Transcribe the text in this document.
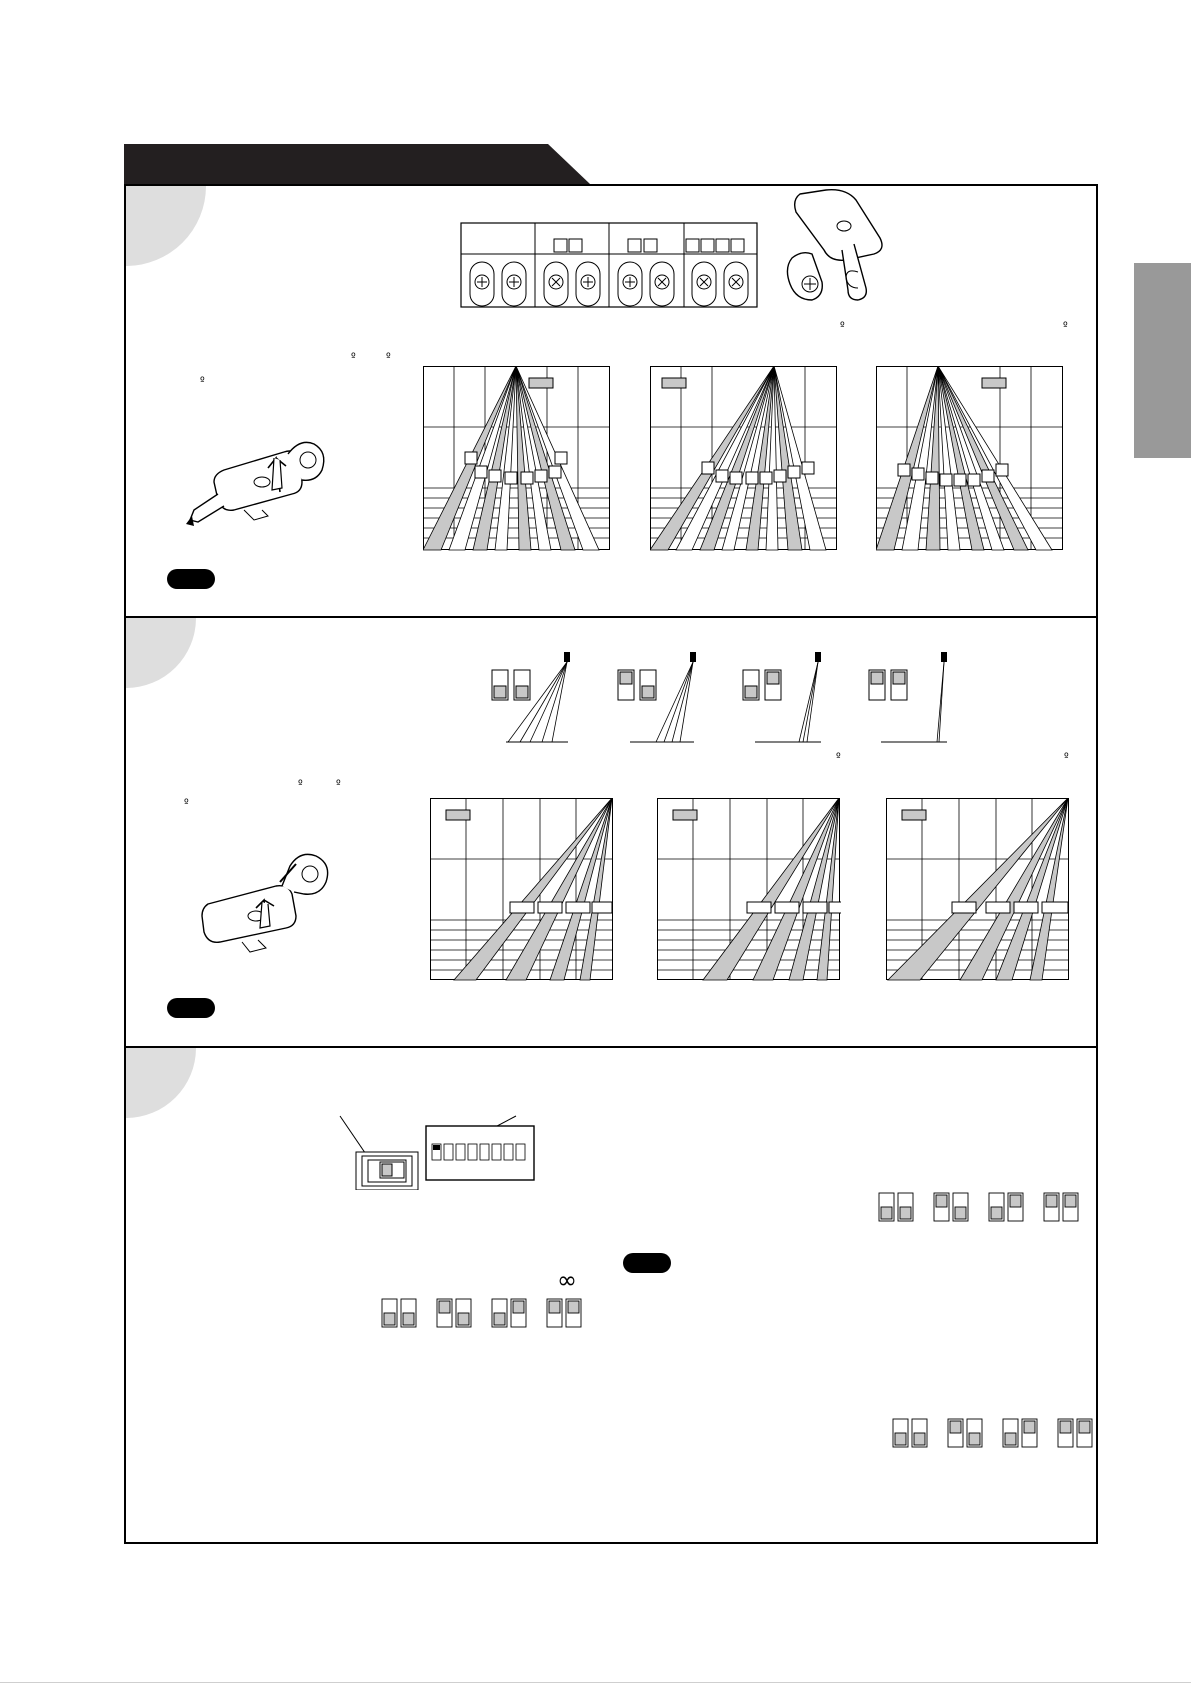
º	º
º	º
º
º	º
º	º
º
∞
